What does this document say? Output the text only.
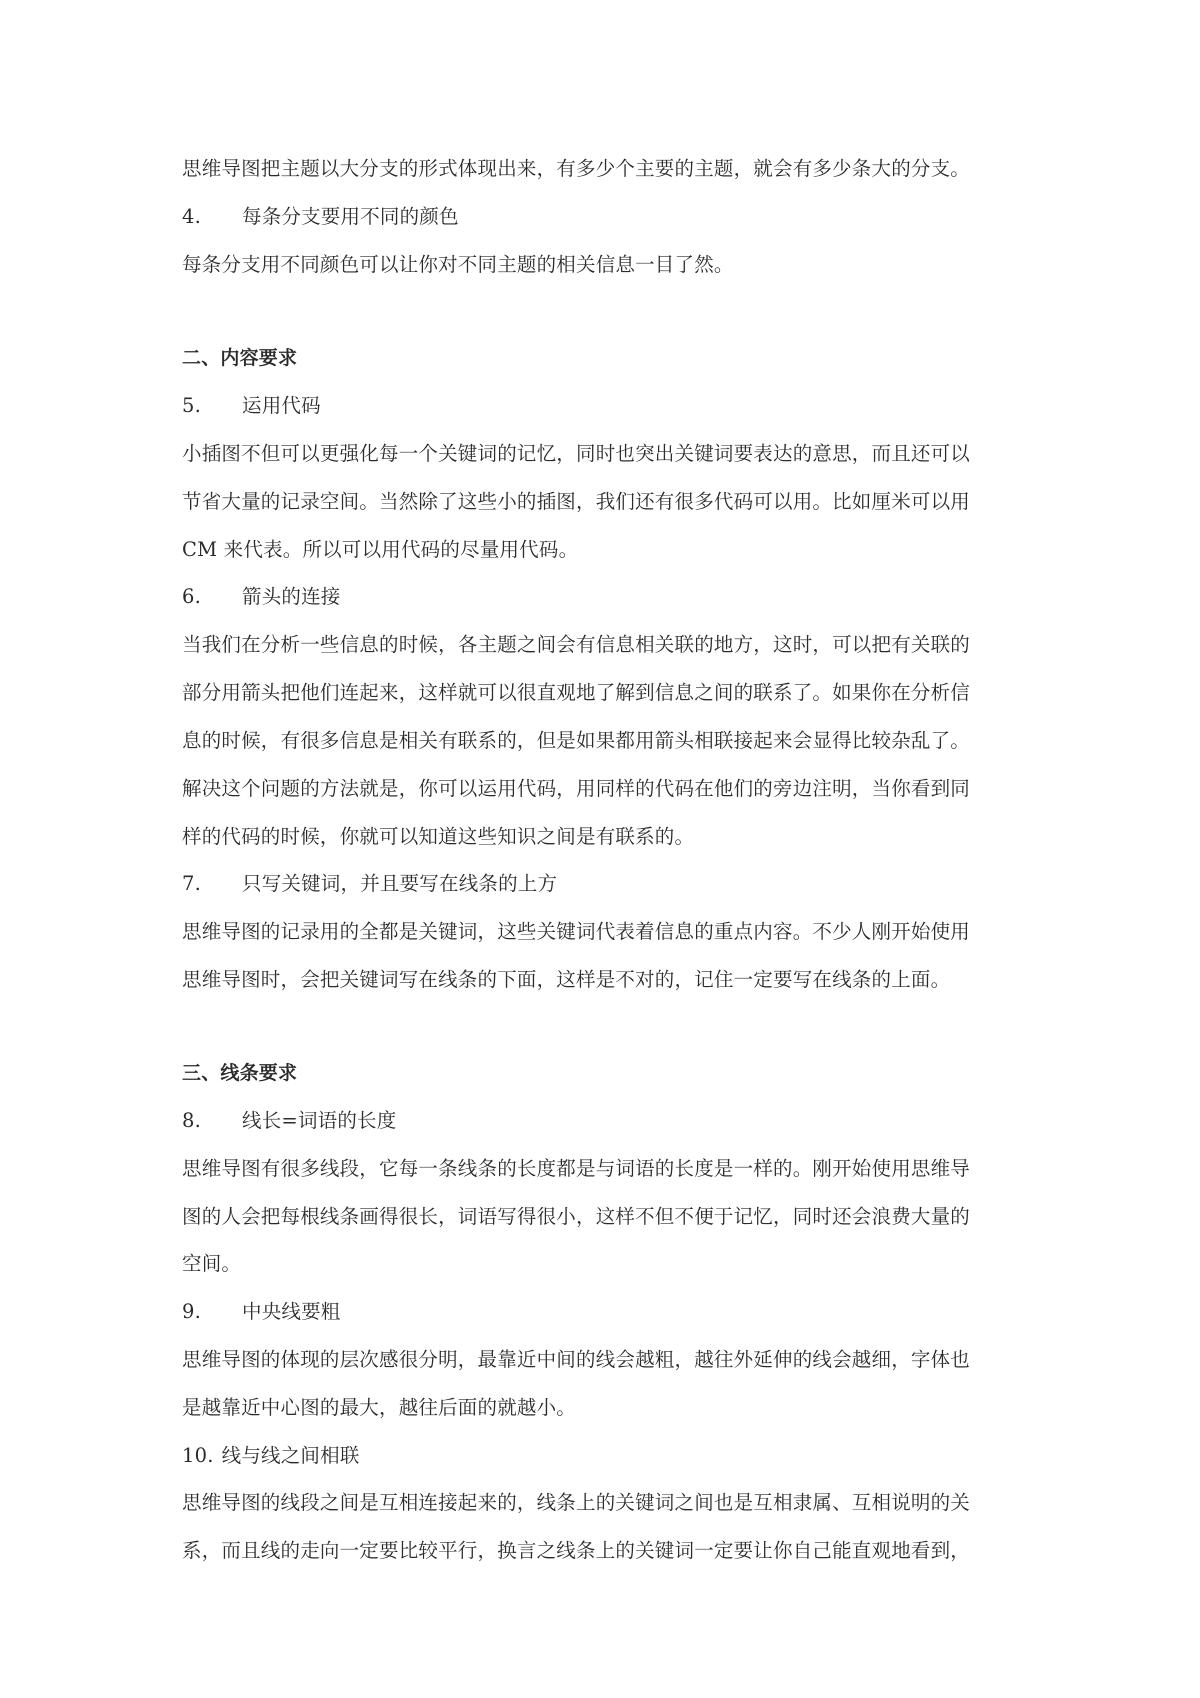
思维导图把主题以大分支的形式体现出来，有多少个主要的主题，就会有多少条大的分支。

4. 每条分支要用不同的颜色

每条分支用不同颜色可以让你对不同主题的相关信息一目了然。

二、内容要求

5. 运用代码

小插图不但可以更强化每一个关键词的记忆，同时也突出关键词要表达的意思，而且还可以

节省大量的记录空间。当然除了这些小的插图，我们还有很多代码可以用。比如厘米可以用

CM 来代表。所以可以用代码的尽量用代码。

6. 箭头的连接

当我们在分析一些信息的时候，各主题之间会有信息相关联的地方，这时，可以把有关联的

部分用箭头把他们连起来，这样就可以很直观地了解到信息之间的联系了。如果你在分析信

息的时候，有很多信息是相关有联系的，但是如果都用箭头相联接起来会显得比较杂乱了。

解决这个问题的方法就是，你可以运用代码，用同样的代码在他们的旁边注明，当你看到同

样的代码的时候，你就可以知道这些知识之间是有联系的。

7. 只写关键词，并且要写在线条的上方

思维导图的记录用的全都是关键词，这些关键词代表着信息的重点内容。不少人刚开始使用

思维导图时，会把关键词写在线条的下面，这样是不对的，记住一定要写在线条的上面。

三、线条要求

8. 线长=词语的长度

思维导图有很多线段，它每一条线条的长度都是与词语的长度是一样的。刚开始使用思维导

图的人会把每根线条画得很长，词语写得很小，这样不但不便于记忆，同时还会浪费大量的

空间。

9. 中央线要粗

思维导图的体现的层次感很分明，最靠近中间的线会越粗，越往外延伸的线会越细，字体也

是越靠近中心图的最大，越往后面的就越小。

10. 线与线之间相联

思维导图的线段之间是互相连接起来的，线条上的关键词之间也是互相隶属、互相说明的关

系，而且线的走向一定要比较平行，换言之线条上的关键词一定要让你自己能直观地看到，
